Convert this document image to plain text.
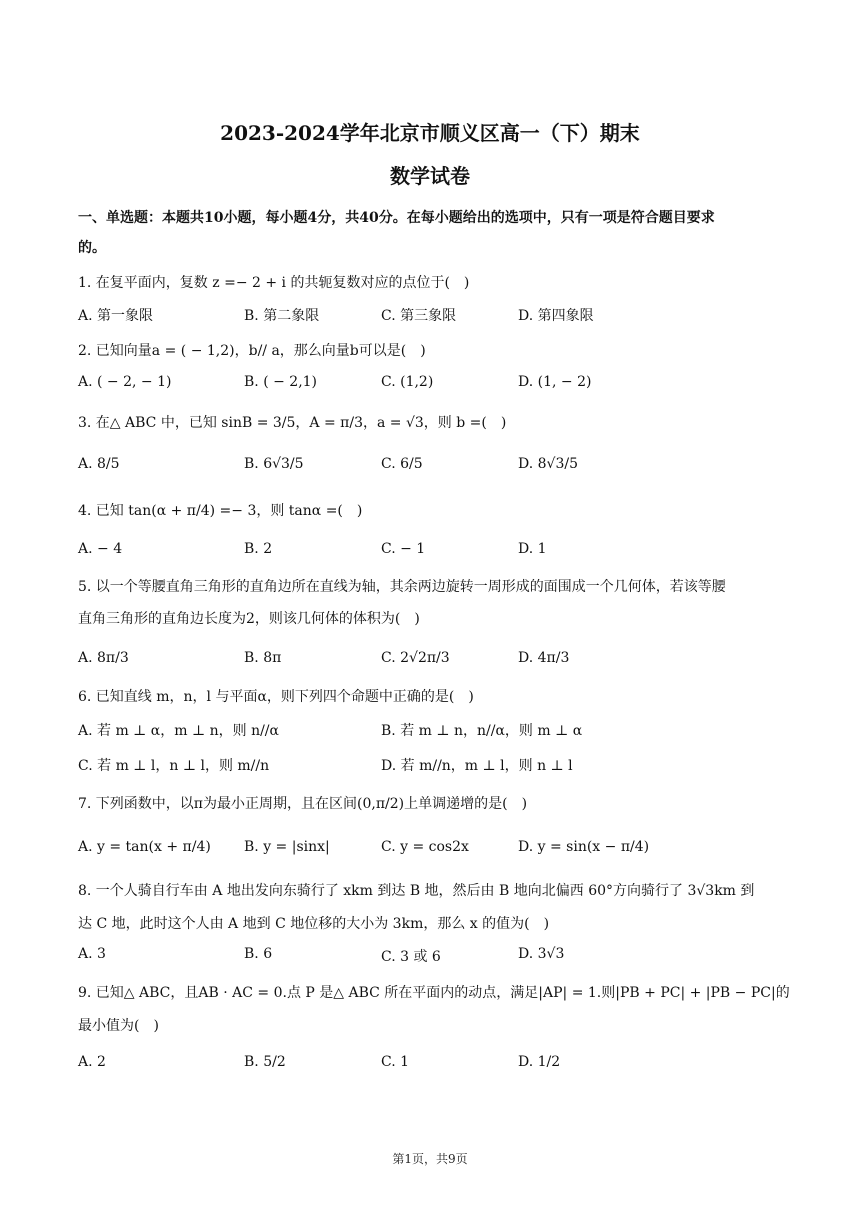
2023-2024学年北京市顺义区高一（下）期末
数学试卷
一、单选题：本题共10小题，每小题4分，共40分。在每小题给出的选项中，只有一项是符合题目要求
的。
1. 在复平面内，复数 z =− 2 + i 的共轭复数对应的点位于(　)
A. 第一象限	B. 第二象限	C. 第三象限	D. 第四象限
2. 已知向量a = ( − 1,2)，b// a，那么向量b可以是(　)
A. ( − 2, − 1)	B. ( − 2,1)	C. (1,2)	D. (1, − 2)
3. 在△ ABC 中，已知 sinB = 3/5，A = π/3，a = √3，则 b =(　)
A. 8/5	B. 6√3/5	C. 6/5	D. 8√3/5
4. 已知 tan(α + π/4) =− 3，则 tanα =(　)
A. − 4	B. 2	C. − 1	D. 1
5. 以一个等腰直角三角形的直角边所在直线为轴，其余两边旋转一周形成的面围成一个几何体，若该等腰
直角三角形的直角边长度为2，则该几何体的体积为(　)
A. 8π/3	B. 8π	C. 2√2π/3	D. 4π/3
6. 已知直线 m，n，l 与平面α，则下列四个命题中正确的是(　)
A. 若 m ⊥ α，m ⊥ n，则 n//α	B. 若 m ⊥ n，n//α，则 m ⊥ α
C. 若 m ⊥ l，n ⊥ l，则 m//n	D. 若 m//n，m ⊥ l，则 n ⊥ l
7. 下列函数中，以π为最小正周期，且在区间(0,π/2)上单调递增的是(　)
A. y = tan(x + π/4) B. y = |sinx|	C. y = cos2x	D. y = sin(x − π/4)
8. 一个人骑自行车由 A 地出发向东骑行了 xkm 到达 B 地，然后由 B 地向北偏西 60°方向骑行了 3√3km 到
达 C 地，此时这个人由 A 地到 C 地位移的大小为 3km，那么 x 的值为(　)
A. 3	B. 6	C. 3 或 6	D. 3√3
9. 已知△ ABC，且AB · AC = 0.点 P 是△ ABC 所在平面内的动点，满足|AP| = 1.则|PB + PC| + |PB − PC|的
最小值为(　)
A. 2	B. 5/2	C. 1	D. 1/2
第1页，共9页
